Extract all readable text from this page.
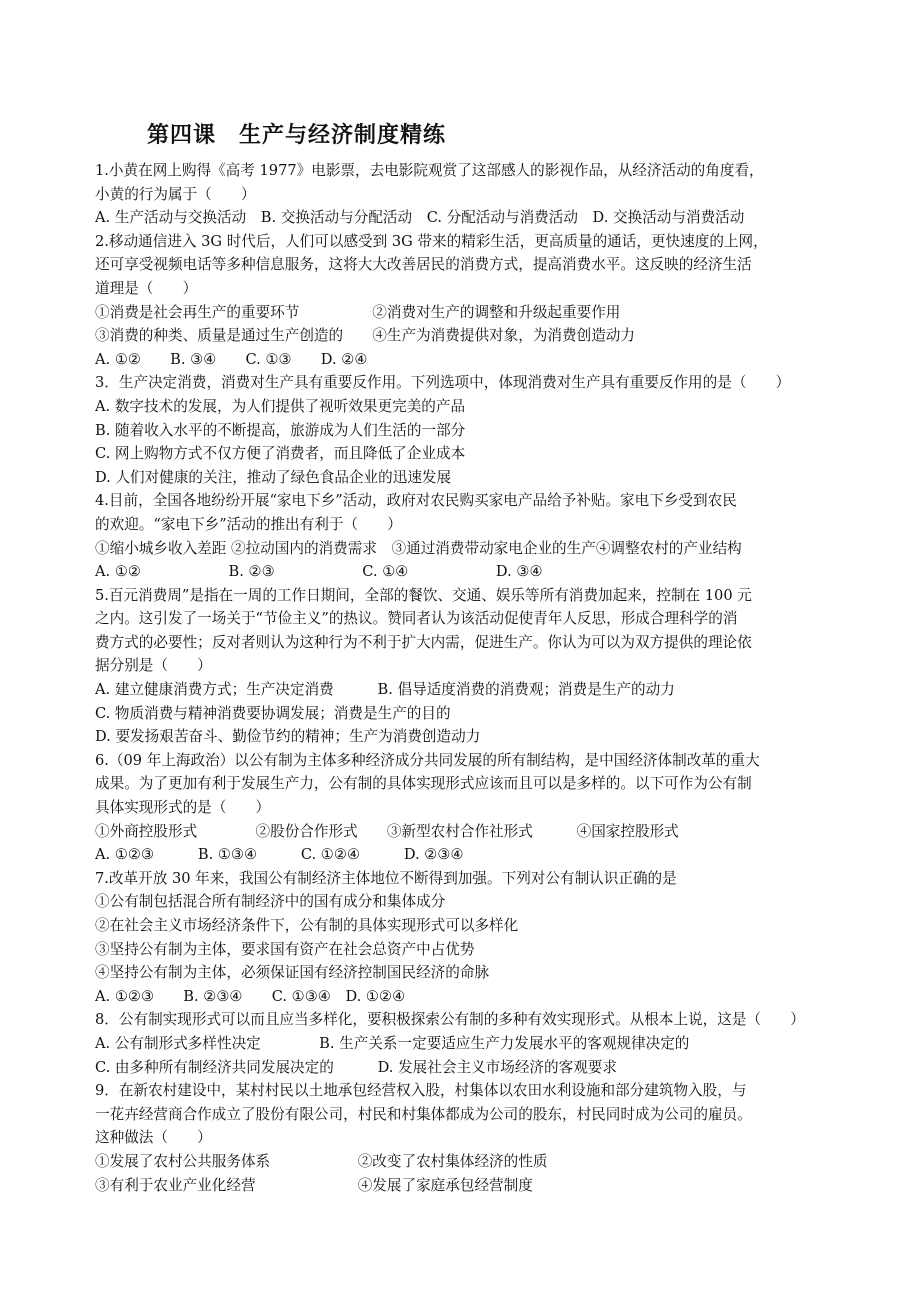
第四课　生产与经济制度精练
1.小黄在网上购得《高考 1977》电影票，去电影院观赏了这部感人的影视作品，从经济活动的角度看，
小黄的行为属于（　　）
A. 生产活动与交换活动　B. 交换活动与分配活动　C. 分配活动与消费活动　D. 交换活动与消费活动
2.移动通信进入 3G 时代后，人们可以感受到 3G 带来的精彩生活，更高质量的通话，更快速度的上网，
还可享受视频电话等多种信息服务，这将大大改善居民的消费方式，提高消费水平。这反映的经济生活
道理是（　　）
①消费是社会再生产的重要环节　　　　　②消费对生产的调整和升级起重要作用
③消费的种类、质量是通过生产创造的　　④生产为消费提供对象，为消费创造动力
A. ①②　　B. ③④　　C. ①③　　D. ②④
3．生产决定消费，消费对生产具有重要反作用。下列选项中，体现消费对生产具有重要反作用的是（　　）
A. 数字技术的发展，为人们提供了视听效果更完美的产品
B. 随着收入水平的不断提高，旅游成为人们生活的一部分
C. 网上购物方式不仅方便了消费者，而且降低了企业成本
D. 人们对健康的关注，推动了绿色食品企业的迅速发展
4.目前，全国各地纷纷开展“家电下乡”活动，政府对农民购买家电产品给予补贴。家电下乡受到农民
的欢迎。“家电下乡”活动的推出有利于（　　）
①缩小城乡收入差距 ②拉动国内的消费需求　③通过消费带动家电企业的生产④调整农村的产业结构
A. ①②　　　　　　B. ②③　　　　　　C. ①④　　　　　　D. ③④
5.百元消费周”是指在一周的工作日期间，全部的餐饮、交通、娱乐等所有消费加起来，控制在 100 元
之内。这引发了一场关于“节俭主义”的热议。赞同者认为该活动促使青年人反思，形成合理科学的消
费方式的必要性；反对者则认为这种行为不利于扩大内需，促进生产。你认为可以为双方提供的理论依
据分别是（　　）
A. 建立健康消费方式；生产决定消费　　　B. 倡导适度消费的消费观；消费是生产的动力
C. 物质消费与精神消费要协调发展；消费是生产的目的
D. 要发扬艰苦奋斗、勤俭节约的精神；生产为消费创造动力
6.（09 年上海政治）以公有制为主体多种经济成分共同发展的所有制结构，是中国经济体制改革的重大
成果。为了更加有利于发展生产力，公有制的具体实现形式应该而且可以是多样的。以下可作为公有制
具体实现形式的是（　　）
①外商控股形式　　　　②股份合作形式　　③新型农村合作社形式　　　④国家控股形式
A. ①②③　　　B. ①③④　　　C. ①②④　　　D. ②③④
7.改革开放 30 年来，我国公有制经济主体地位不断得到加强。下列对公有制认识正确的是
①公有制包括混合所有制经济中的国有成分和集体成分
②在社会主义市场经济条件下，公有制的具体实现形式可以多样化
③坚持公有制为主体，要求国有资产在社会总资产中占优势
④坚持公有制为主体，必须保证国有经济控制国民经济的命脉
A. ①②③　　B. ②③④　　C. ①③④　D. ①②④
8．公有制实现形式可以而且应当多样化，要积极探索公有制的多种有效实现形式。从根本上说，这是（　　）
A. 公有制形式多样性决定　　　　B. 生产关系一定要适应生产力发展水平的客观规律决定的
C. 由多种所有制经济共同发展决定的　　　D. 发展社会主义市场经济的客观要求
9．在新农村建设中，某村村民以土地承包经营权入股，村集体以农田水利设施和部分建筑物入股，与
一花卉经营商合作成立了股份有限公司，村民和村集体都成为公司的股东，村民同时成为公司的雇员。
这种做法（　　）
①发展了农村公共服务体系　　　　　　②改变了农村集体经济的性质
③有利于农业产业化经营　　　　　　　④发展了家庭承包经营制度
